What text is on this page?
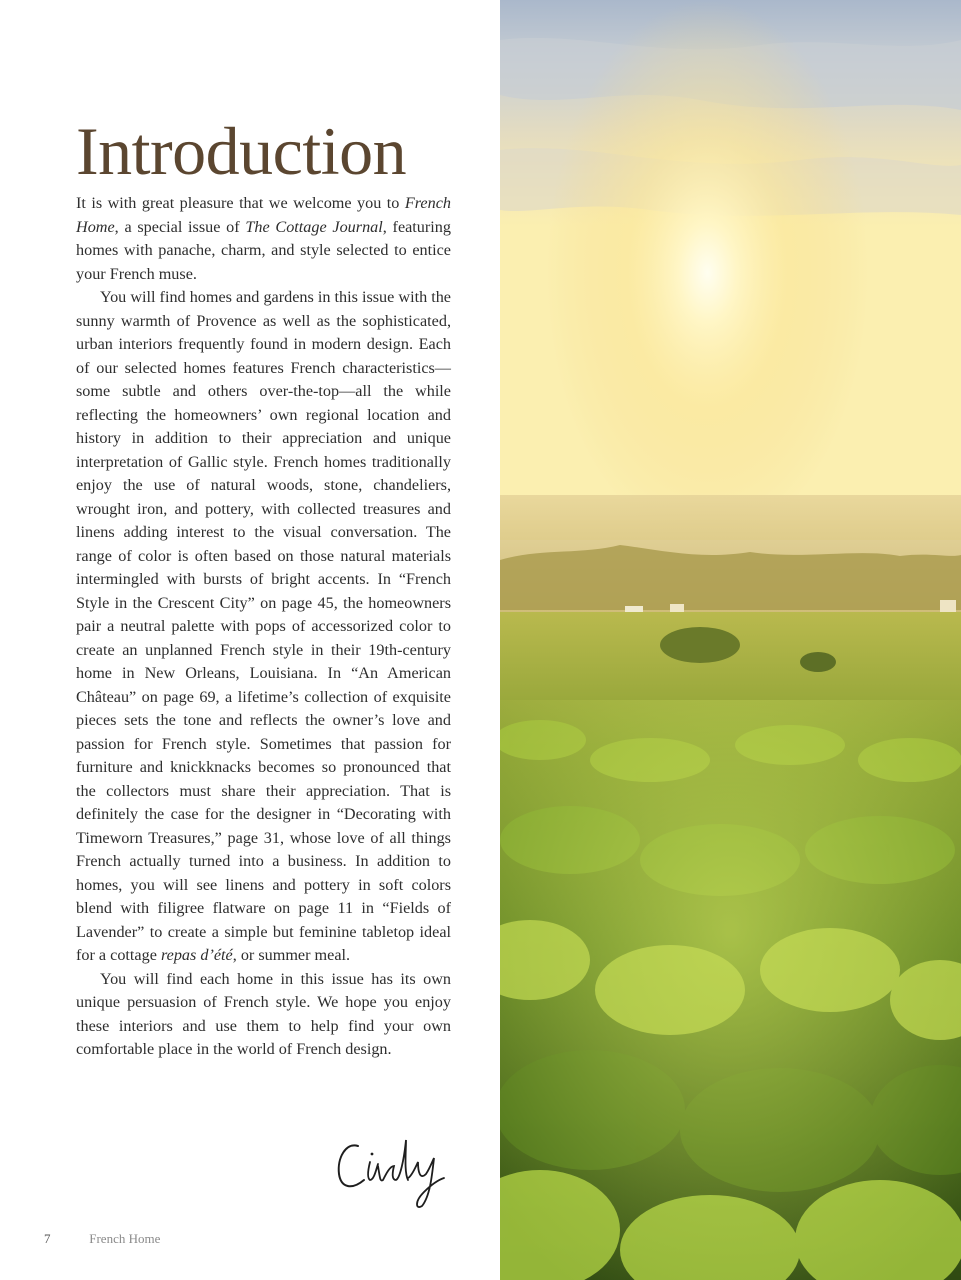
Introduction

It is with great pleasure that we welcome you to French Home, a special issue of The Cottage Journal, featuring homes with panache, charm, and style selected to entice your French muse.

You will find homes and gardens in this issue with the sunny warmth of Provence as well as the sophisticated, urban interiors frequently found in modern design. Each of our selected homes features French characteristics—some subtle and others over-the-top—all the while reflecting the homeowners’ own regional location and history in addition to their appreciation and unique interpretation of Gallic style. French homes traditionally enjoy the use of natural woods, stone, chandeliers, wrought iron, and pottery, with collected treasures and linens adding interest to the visual conversation. The range of color is often based on those natural materials intermingled with bursts of bright accents. In “French Style in the Crescent City” on page 45, the homeowners pair a neutral palette with pops of accessorized color to create an unplanned French style in their 19th-century home in New Orleans, Louisiana. In “An American Château” on page 69, a lifetime’s collection of exquisite pieces sets the tone and reflects the owner’s love and passion for French style. Sometimes that passion for furniture and knickknacks becomes so pronounced that the collectors must share their appreciation. That is definitely the case for the designer in “Decorating with Timeworn Treasures,” page 31, whose love of all things French actually turned into a business. In addition to homes, you will see linens and pottery in soft colors blend with filigree flatware on page 11 in “Fields of Lavender” to create a simple but feminine tabletop ideal for a cottage repas d’été, or summer meal.

You will find each home in this issue has its own unique persuasion of French style. We hope you enjoy these interiors and use them to help find your own comfortable place in the world of French design.

7	French Home
